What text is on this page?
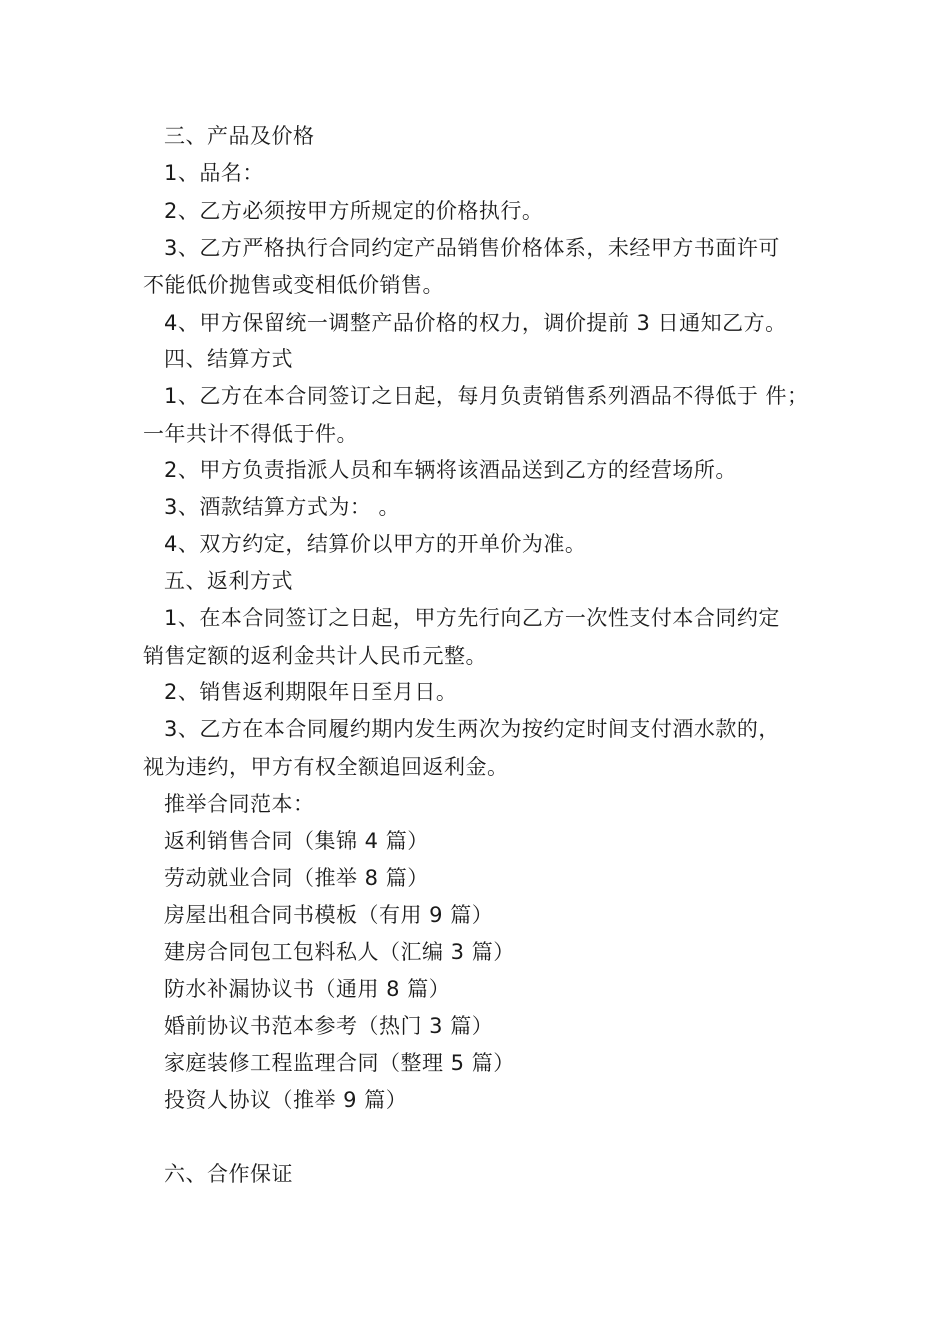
三、产品及价格
1、品名：
2、乙方必须按甲方所规定的价格执行。
3、乙方严格执行合同约定产品销售价格体系，未经甲方书面许可
不能低价抛售或变相低价销售。
4、甲方保留统一调整产品价格的权力，调价提前 3 日通知乙方。
四、结算方式
1、乙方在本合同签订之日起，每月负责销售系列酒品不得低于 件；
一年共计不得低于件。
2、甲方负责指派人员和车辆将该酒品送到乙方的经营场所。
3、酒款结算方式为： 。
4、双方约定，结算价以甲方的开单价为准。
五、返利方式
1、在本合同签订之日起，甲方先行向乙方一次性支付本合同约定
销售定额的返利金共计人民币元整。
2、销售返利期限年日至月日。
3、乙方在本合同履约期内发生两次为按约定时间支付酒水款的，
视为违约，甲方有权全额追回返利金。
推举合同范本：
返利销售合同（集锦 4 篇）
劳动就业合同（推举 8 篇）
房屋出租合同书模板（有用 9 篇）
建房合同包工包料私人（汇编 3 篇）
防水补漏协议书（通用 8 篇）
婚前协议书范本参考（热门 3 篇）
家庭装修工程监理合同（整理 5 篇）
投资人协议（推举 9 篇）
六、合作保证
